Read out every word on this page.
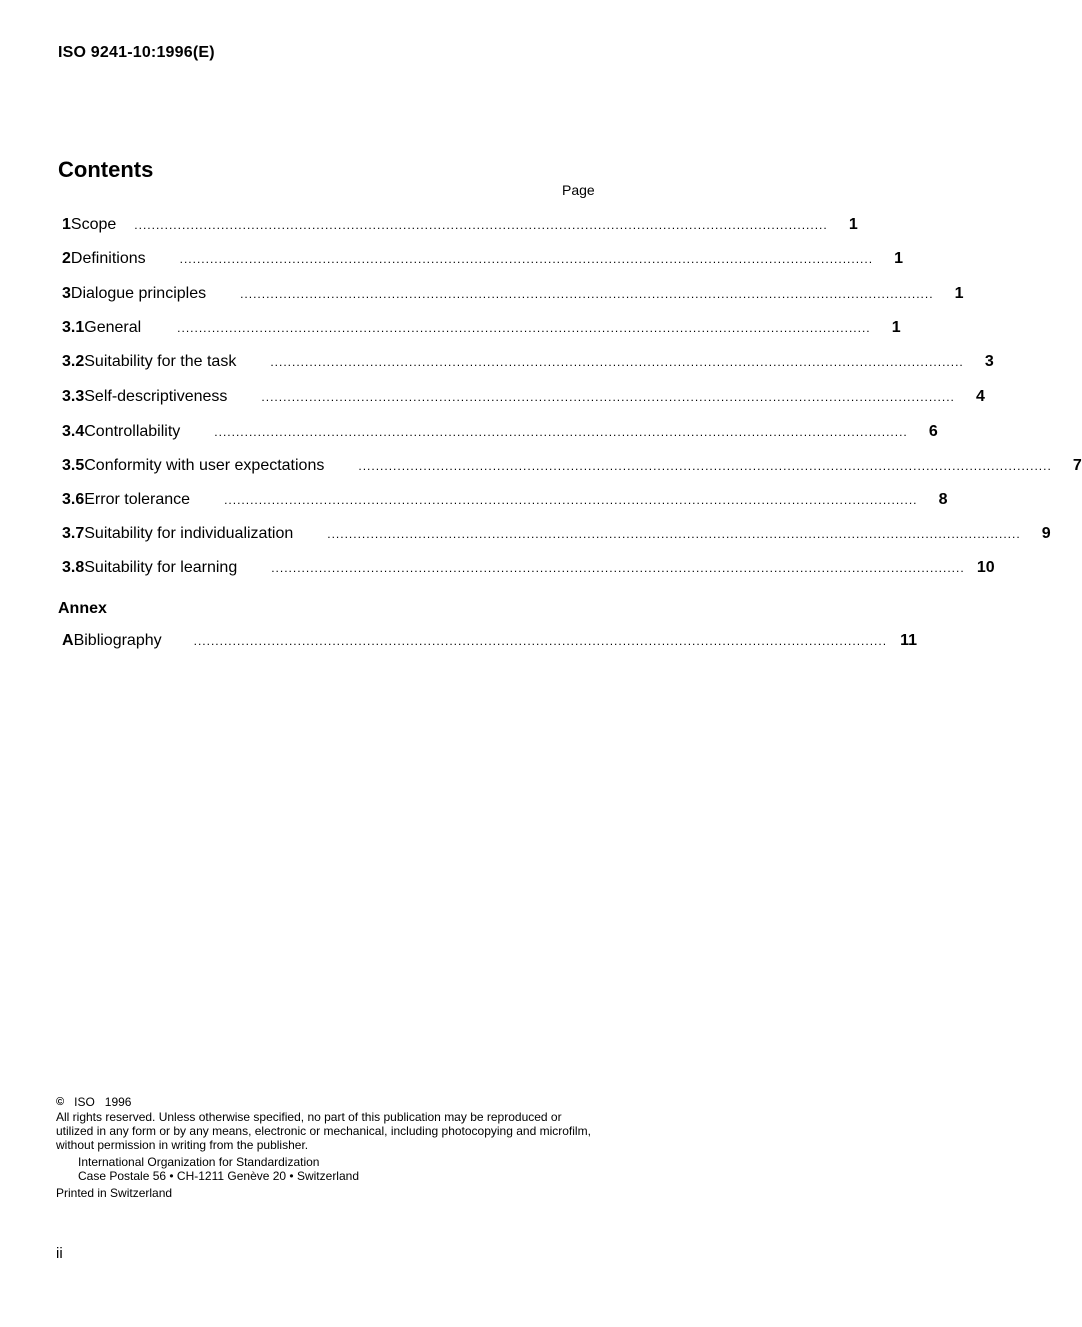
ISO 9241-10:1996(E)
Contents
Page
1 Scope ................................................................................................................................................................	1
2 Definitions	................................................................................................................................................................	1
3 Dialogue principles	................................................................................................................................................................	1
3.1 General	................................................................................................................................................................	1
3.2 Suitability for the task	................................................................................................................................................................	3
3.3 Self-descriptiveness	................................................................................................................................................................	4
3.4 Controllability	................................................................................................................................................................	6
3.5 Conformity with user expectations	................................................................................................................................................................	7
3.6 Error tolerance	................................................................................................................................................................	8
3.7 Suitability for individualization	................................................................................................................................................................	9
3.8 Suitability for learning	................................................................................................................................................................ 10
Annex
A Bibliography	................................................................................................................................................................ 11
© ISO   1996
All rights reserved. Unless otherwise specified, no part of this publication may be reproduced or utilized in any form or by any means, electronic or mechanical, including photocopying and microfilm, without permission in writing from the publisher.
International Organization for Standardization
Case Postale 56 • CH-1211 Genève 20 • Switzerland
Printed in Switzerland
ii
